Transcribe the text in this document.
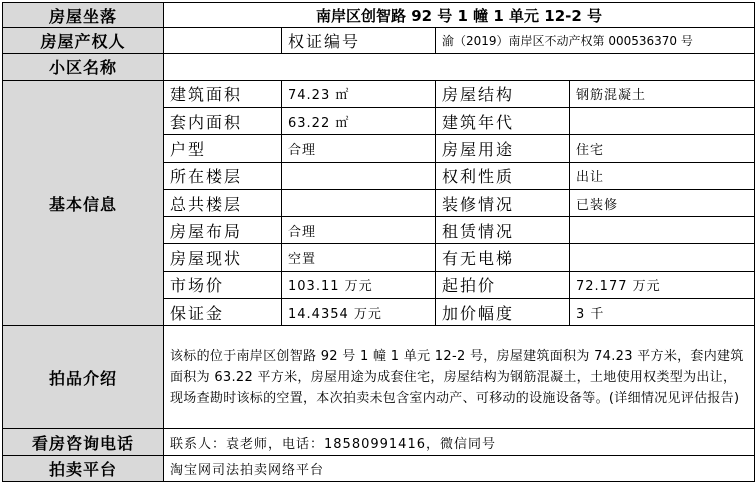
房屋坐落	南岸区创智路 92 号 1 幢 1 单元 12-2 号			
房屋产权人		权证编号	渝（2019）南岸区不动产权第 000536370 号	
小区名称				
基本信息	建筑面积	74.23 ㎡	房屋结构	钢筋混凝土
	套内面积	63.22 ㎡	建筑年代	
	户型	合理	房屋用途	住宅
	所在楼层		权利性质	出让
	总共楼层		装修情况	已装修
	房屋布局	合理	租赁情况	
	房屋现状	空置	有无电梯	
	市场价	103.11 万元	起拍价	72.177 万元
	保证金	14.4354 万元	加价幅度	3 千
拍品介绍	该标的位于南岸区创智路 92 号 1 幢 1 单元 12-2 号，房屋建筑面积为 74.23 平方米，套内建筑面积为 63.22 平方米，房屋用途为成套住宅，房屋结构为钢筋混凝土，土地使用权类型为出让，现场查勘时该标的空置，本次拍卖未包含室内动产、可移动的设施设备等。(详细情况见评估报告)			
看房咨询电话	联系人：袁老师，电话：18580991416，微信同号			
拍卖平台	淘宝网司法拍卖网络平台			
